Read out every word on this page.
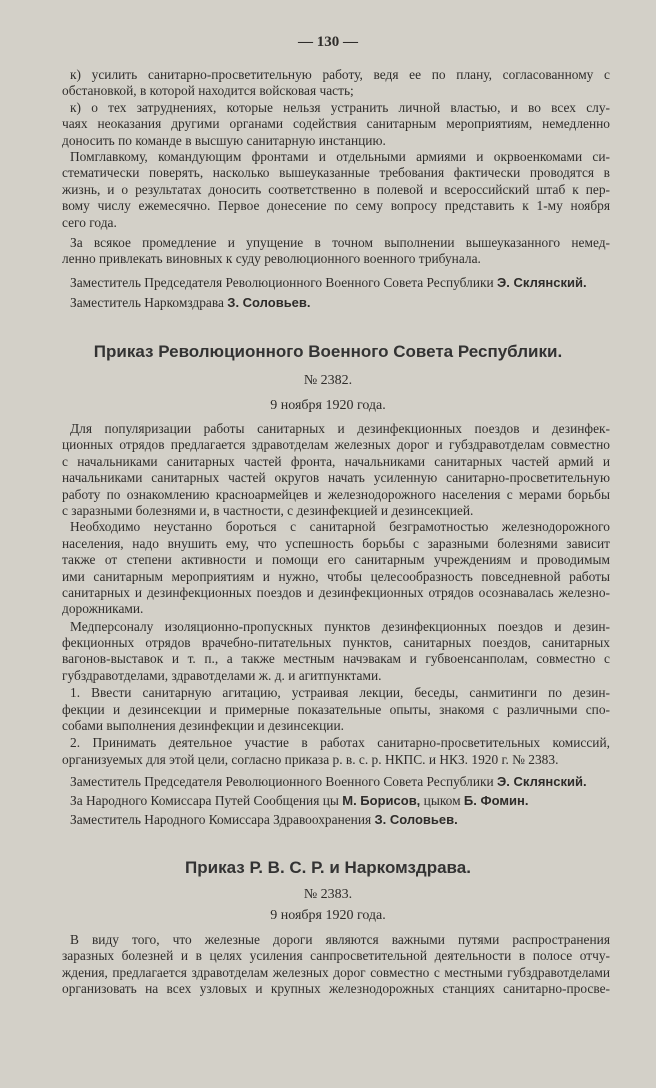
— 130 —
к) усилить санитарно-просветительную работу, ведя ее по плану, согласованному с
обстановкой, в которой находится войсковая часть;
к) о тех затруднениях, которые нельзя устранить личной властью, и во всех слу-
чаях неоказания другими органами содействия санитарным мероприятиям, немедленно
доносить по команде в высшую санитарную инстанцию.
Помглавкому, командующим фронтами и отдельными армиями и окрвоенкомами си-
стематически поверять, насколько вышеуказанные требования фактически проводятся в
жизнь, и о результатах доносить соответственно в полевой и всероссийский штаб к пер-
вому числу ежемесячно. Первое донесение по сему вопросу представить к 1-му ноября
сего года.
За всякое промедление и упущение в точном выполнении вышеуказанного немед-
ленно привлекать виновных к суду революционного военного трибунала.
Заместитель Председателя Революционного Военного Совета Республики Э. Склянский.
Заместитель Наркомздрава З. Соловьев.
Приказ Революционного Военного Совета Республики.
№ 2382.
9 ноября 1920 года.
Для популяризации работы санитарных и дезинфекционных поездов и дезинфек-
ционных отрядов предлагается здравотделам железных дорог и губздравотделам совместно
с начальниками санитарных частей фронта, начальниками санитарных частей армий и
начальниками санитарных частей округов начать усиленную санитарно-просветительную
работу по ознакомлению красноармейцев и железнодорожного населения с мерами борьбы
с заразными болезнями и, в частности, с дезинфекцией и дезинсекцией.
Необходимо неустанно бороться с санитарной безграмотностью железнодорожного
населения, надо внушить ему, что успешность борьбы с заразными болезнями зависит
также от степени активности и помощи его санитарным учреждениям и проводимым
ими санитарным мероприятиям и нужно, чтобы целесообразность повседневной работы
санитарных и дезинфекционных поездов и дезинфекционных отрядов осознавалась железно-
дорожниками.
Медперсоналу изоляционно-пропускных пунктов дезинфекционных поездов и дезин-
фекционных отрядов врачебно-питательных пунктов, санитарных поездов, санитарных
вагонов-выставок и т. п., а также местным начэвакам и губвоенсанполам, совместно с
губздравотделами, здравотделами ж. д. и агитпунктами.
1. Ввести санитарную агитацию, устраивая лекции, беседы, санмитинги по дезин-
фекции и дезинсекции и примерные показательные опыты, знакомя с различными спо-
собами выполнения дезинфекции и дезинсекции.
2. Принимать деятельное участие в работах санитарно-просветительных комиссий,
организуемых для этой цели, согласно приказа р. в. с. р. НКПС. и НКЗ. 1920 г. № 2383.
Заместитель Председателя Революционного Военного Совета Республики Э. Склянский.
За Народного Комиссара Путей Сообщения цы М. Борисов, цыком Б. Фомин.
Заместитель Народного Комиссара Здравоохранения З. Соловьев.
Приказ Р. В. С. Р. и Наркомздрава.
№ 2383.
9 ноября 1920 года.
В виду того, что железные дороги являются важными путями распространения
заразных болезней и в целях усиления санпросветительной деятельности в полосе отчу-
ждения, предлагается здравотделам железных дорог совместно с местными губздравотделами
организовать на всех узловых и крупных железнодорожных станциях санитарно-просве-
